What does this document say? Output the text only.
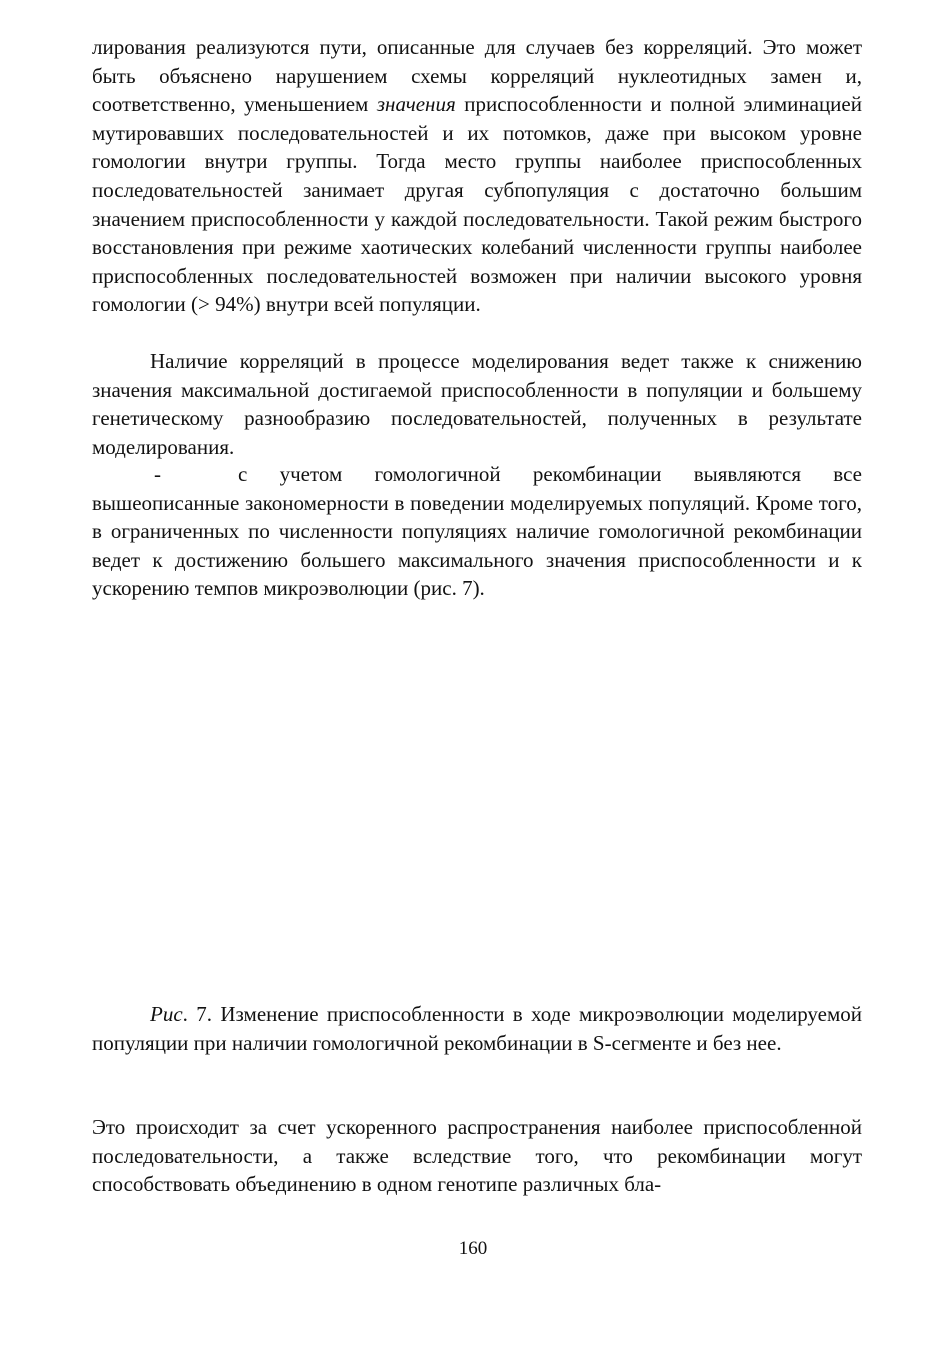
лирования реализуются пути, описанные для случаев без корреляций. Это может быть объяснено нарушением схемы корреляций нуклеотидных замен и, соответственно, уменьшением значения приспособленности и полной элиминацией мутировавших последовательностей и их потомков, даже при высоком уровне гомологии внутри группы. Тогда место группы наиболее приспособленных последовательностей занимает другая субпопуляция с достаточно большим значением приспособленности у каждой последовательности. Такой режим быстрого восстановления при режиме хаотических колебаний численности группы наиболее приспособленных последовательностей возможен при наличии высокого уровня гомологии (> 94%) внутри всей популяции.

Наличие корреляций в процессе моделирования ведет также к снижению значения максимальной достигаемой приспособленности в популяции и большему генетическому разнообразию последовательностей, полученных в результате моделирования.

-	с учетом гомологичной рекомбинации выявляются все вышеописанные закономерности в поведении моделируемых популяций. Кроме того, в ограниченных по численности популяциях наличие гомологичной рекомбинации ведет к достижению большего максимального значения приспособленности и к ускорению темпов микроэволюции (рис. 7).

Рис. 7. Изменение приспособленности в ходе микроэволюции моделируемой популяции при наличии гомологичной рекомбинации в S-сегменте и без нее.

Это происходит за счет ускоренного распространения наиболее приспособленной последовательности, а также вследствие того, что рекомбинации могут способствовать объединению в одном генотипе различных бла-

160
